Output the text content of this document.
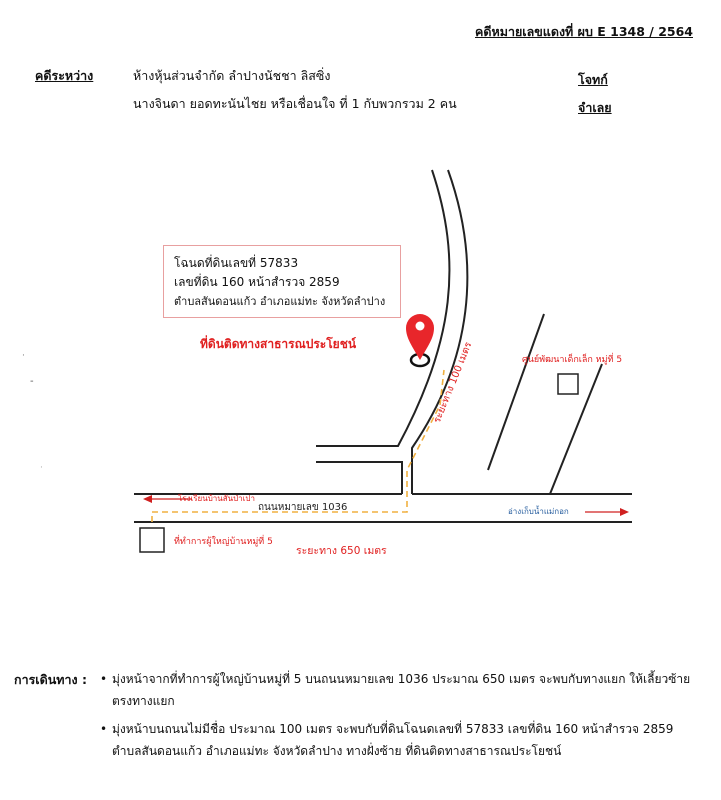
คดีหมายเลขแดงที่ ผบ E 1348 / 2564
คดีระหว่าง	ห้างหุ้นส่วนจำกัด ลำปางนัชชา ลิสซิ่ง
นางจินดา ยอดทะนันไชย หรือเชื่อนใจ ที่ 1 กับพวกรวม 2 คน
โจทก์
จำเลย
·
-
·
โฉนดที่ดินเลขที่ 57833
เลขที่ดิน 160 หน้าสำรวจ 2859
ตำบลสันดอนแก้ว อำเภอแม่ทะ จังหวัดลำปาง
ที่ดินติดทางสาธารณประโยชน์
ศูนย์พัฒนาเด็กเล็ก หมู่ที่ 5
ระยะทาง 100 เมตร
โรงเรียนบ้านสันป่าเปา
ถนนหมายเลข 1036	อ่างเก็บน้ำแม่กอก
ที่ทำการผู้ใหญ่บ้านหมู่ที่ 5
ระยะทาง 650 เมตร
การเดินทาง :
•	มุ่งหน้าจากที่ทำการผู้ใหญ่บ้านหมู่ที่ 5 บนถนนหมายเลข 1036 ประมาณ 650 เมตร จะพบกับทางแยก ให้เลี้ยวซ้ายตรงทางแยก
• มุ่งหน้าบนถนนไม่มีชื่อ ประมาณ 100 เมตร จะพบกับที่ดินโฉนดเลขที่ 57833 เลขที่ดิน 160 หน้าสำรวจ 2859 ตำบลสันดอนแก้ว อำเภอแม่ทะ จังหวัดลำปาง ทางฝั่งซ้าย ที่ดินติดทางสาธารณประโยชน์
